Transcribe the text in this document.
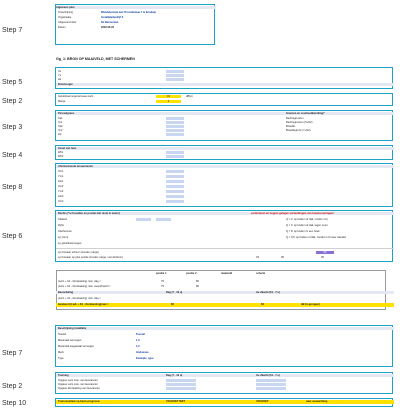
Step 7
Step 5
Step 2
Step 3
Step 4
Step 8
Step 6
Step 7
Step 2
Step 10
Algemeen plan
Omschrijving	Wandelpromp aan Trenstlerwae 1 te Ecndeip
Organisatie	Installatiebedrijf X
Uitgevoerd door	De Benneman
Datum	2022.06.23
Gg_1: BRON OP MAAIVELD, MET SCHERMEN
Xs
Ys
Hs
Bronhoogte
Geluidsvermogensniveau Lw/L	93	dB(A)
Marge	3
Perceelgrens	Grenzen en voorbeeldwerking?
Xp1	Rechtsgrenzen
Yp1	Rechtsgrenzen (X+N2)
Xp2	Breedte
Yp2	Breedtegrens (Y+N2)
Hp
Gevel van huis
Wh1
Wh2
Afschermende tussenmuren
Xm1
Ym1
Hm1
Xm2
Ym2
Hm2
Xm3
Rechts (*ref insulien en positie niet niste in meter)	controleren en hogere gelegen verwerkingen van bouwsoneringen!
Afstand	Q = 2: op bodem of dak, rondom vrij
Ryfis	Q = 4: op bodem of dak, tegen muur
Afschermen	Q = 8: op bodem in een hoek
Lp (sum)	Q = 0,5: op bodem of dak, zonder 2 of meer wanden
Lp geluidsvermogen
Lp bronaan scherm (zonder marge)	60
Lp bronaan op plus positie (zonder marge, met Atcherm)	33	35	35
positie 1	positie 2	maaiveld	scherm
(Lw/L + K1 - Domkasting) max. dag <	75	80
(Lw/L + K1 - Domkasting) max. avond/nacht <	75	80
Beoordeling	Dag (7 - 19 u)	Av.+Nacht (19 - 7 u)
(Lw/L + K1 - Domkasting) max. dag <
berekend (Lw/L + K1 - Domkasting)max <	86	83	dB (A-grengen)
Beschrijving installatie
Toestel	Toestel
Maximaal vermogen	1,0
Maximaal toegestaal vermogen	1,0
Merk	Hoduxone
Type	Example_type
Toetsing	Dag (7 - 19 u)	Av.+Nacht (19 - 7 u)
Opgave Lw/L max. van leverancier
Opgave Lw/L max. van leverancier
Opgave Domkasting van leverancier
Toetsresultaat op basis prognose:	VOLDOET NIET	VOLDOET	naar verwachting
